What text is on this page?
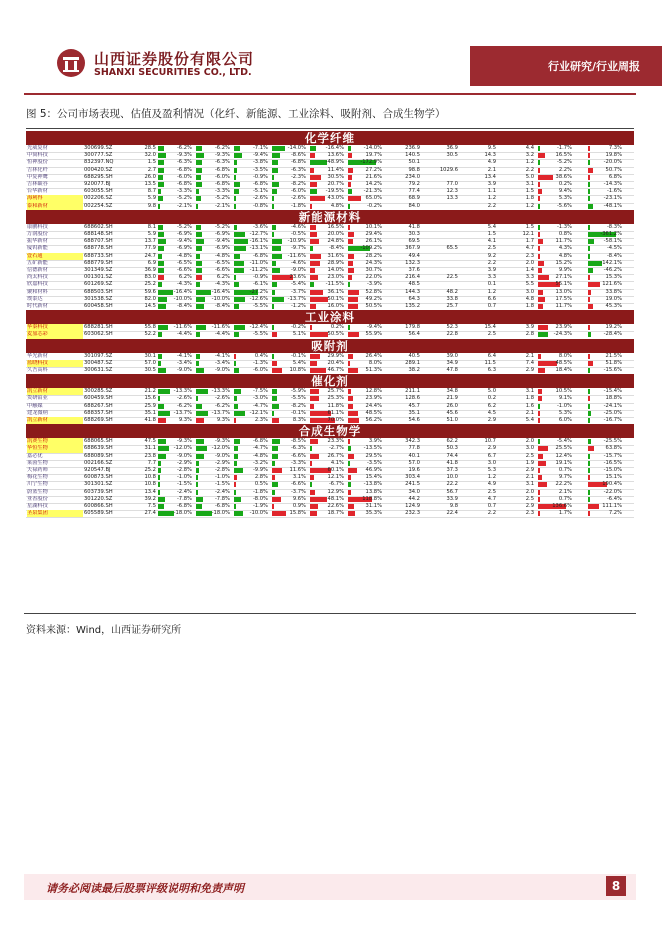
山西证券股份有限公司
SHANXI SECURITIES CO., LTD.	行业研究/行业周报
图 5：公司市场表现、估值及盈利情况（化纤、新能源、工业涂料、吸附剂、合成生物学）
化学纤维
光威复材	300699.SZ	28.5	-6.2%	-6.2%	-7.1%	-14.0%	-16.4%	-14.0%	236.9	36.9	9.5	4.4	-1.7%	7.3%
中简科技	300777.SZ	32.0	-9.3%	-9.3%	-9.4%	-8.6%	13.6%	19.7%	140.5	30.5	14.3	3.2	16.5%	19.8%
恒神股份	832397.NQ	1.5	-6.3%	-6.3%	-3.8%	-6.8%	-48.9%	-172.9%	50.1	4.9	1.2	-5.2%	-20.0%
吉林化纤	000420.SZ	2.7	-6.8%	-6.8%	-3.5%	-6.3%	11.4%	27.2%	98.8	1029.6	2.1	2.2	2.2%	50.7%
中复神鹰	688295.SH	26.0	-6.0%	-6.0%	-0.9%	-2.3%	30.5%	21.6%	234.0	13.4	5.0	38.6%	6.8%
吉林碳谷	920077.BJ	13.5	-6.8%	-6.8%	-6.8%	-8.2%	20.7%	14.2%	79.2	77.0	3.9	3.1	0.2%	-14.3%
台华新材	603055.SH	8.7	-3.3%	-3.3%	-5.1%	-6.0%	-19.5%	-21.3%	77.4	12.3	1.1	1.5	9.4%	-1.6%
海利得	002206.SZ	5.9	-5.2%	-5.2%	-2.6%	-2.6%	43.0%	65.0%	68.9	13.3	1.2	1.8	5.3%	-23.1%
泰和新材	002254.SZ	9.8	-2.1%	-2.1%	-0.8%	-1.8%	4.8%	-0.2%	84.0	2.2	1.2	-5.6%	-48.1%
新能源材料
康鹏科技	688602.SH	8.1	-5.2%	-5.2%	-3.6%	-4.6%	16.5%	10.1%	41.8	5.4	1.5	-1.3%	-8.3%
万润股份	688148.SH	5.9	-6.9%	-6.9%	-12.7%	-0.5%	20.0%	29.4%	30.3	1.5	12.1	0.8%	-361.2%
振华新材	688707.SH	13.7	-9.4%	-9.4%	-16.1%	-10.9%	24.8%	26.1%	69.5	4.1	1.7	11.7%	-58.1%
厦钨新能	688778.SH	77.9	-6.9%	-6.9%	-13.1%	-9.7%	-8.4%	-109.2%	367.9	65.5	2.5	4.7	4.3%	-4.5%
壹石通	688733.SH	24.7	-4.8%	-4.8%	-6.8%	-11.6%	31.6%	28.2%	49.4	9.2	2.3	4.8%	-8.4%
五矿新能	688779.SH	6.9	-6.5%	-6.5%	-11.0%	-4.6%	28.9%	24.3%	132.3	2.2	2.0	15.2%	-142.1%
信德新材	301349.SZ	36.9	-6.6%	-6.6%	-11.2%	-9.0%	14.0%	30.7%	37.6	3.9	1.4	9.9%	-46.2%
尚太科技	001301.SZ	83.0	6.2%	6.2%	-0.9%	23.6%	23.0%	22.0%	216.4	22.5	3.3	3.3	27.1%	15.3%
欣嘉科技	601269.SZ	25.2	-4.3%	-4.3%	-6.1%	-5.4%	-11.5%	-3.9%	48.5	0.1	5.5	55.1%	121.6%
聚和材料	688503.SH	59.6	-16.4%	-16.4%	-27.2%	-3.7%	36.1%	52.8%	144.3	48.2	1.2	3.0	13.0%	33.8%
璞泰达	301538.SZ	82.0	-10.0%	-10.0%	-12.6%	-13.7%	50.1%	49.2%	64.3	33.8	6.6	4.8	17.5%	19.0%
时代新材	600458.SH	14.5	-8.4%	-8.4%	-5.5%	-1.2%	16.0%	50.5%	135.2	25.7	0.7	1.8	11.7%	45.3%
工业涂料
华秦科技	688281.SH	55.8	-11.6%	-11.6%	-12.4%	-0.2%	0.2%	-9.4%	179.8	52.3	15.4	3.9	23.9%	19.2%
麦加芯彩	603062.SH	52.2	-4.4%	-4.4%	-5.5%	5.1%	50.5%	55.9%	56.4	22.8	2.5	2.8	-24.3%	-28.4%
吸附剂
华光新材	301097.SZ	30.1	-4.1%	-4.1%	0.4%	-0.1%	29.9%	26.4%	40.5	39.0	6.4	2.1	8.0%	21.5%
蓝晓科技	300487.SZ	57.0	-3.4%	-3.4%	-1.3%	5.4%	20.4%	8.0%	289.1	34.9	11.5	7.4	48.5%	51.8%
久吾高科	300631.SZ	30.5	-9.0%	-9.0%	-6.0%	10.8%	46.7%	51.3%	38.2	47.8	6.3	2.9	18.4%	-15.6%
催化剂
凯立新材	300285.SZ	21.2	-13.3%	-13.3%	-7.5%	-5.9%	25.7%	12.8%	211.1	34.8	5.0	3.1	10.5%	-15.4%
贵研铂业	600459.SH	15.6	-2.6%	-2.6%	-3.0%	-5.5%	25.3%	23.9%	128.6	21.9	0.2	1.8	9.1%	18.8%
中触媒	688267.SH	25.9	-6.2%	-6.2%	-4.7%	-8.2%	11.8%	24.4%	45.7	26.0	6.2	1.6	-1.0%	-24.1%
建龙微纳	688357.SH	35.1	-13.7%	-13.7%	-12.1%	-0.1%	61.1%	48.5%	35.1	45.6	4.5	2.1	5.3%	-25.0%
凯立新材	688269.SH	41.8	9.3%	9.3%	2.3%	8.3%	70.0%	56.2%	54.6	51.0	2.9	5.4	6.0%	-16.7%
合成生物学
凯赛生物	688065.SH	47.5	-9.3%	-9.3%	-6.8%	-8.5%	23.3%	3.9%	342.3	62.2	10.7	2.0	-5.4%	-25.5%
华恒生物	688639.SH	31.1	-12.0%	-12.0%	-4.7%	-6.3%	-2.7%	-13.5%	77.8	50.3	2.9	3.0	25.5%	63.8%
嘉必优	688089.SH	23.8	-9.0%	-9.0%	-4.8%	-6.6%	26.7%	29.5%	40.1	74.4	6.7	2.5	12.4%	-15.7%
莱茵生物	002166.SZ	7.7	-2.9%	-2.9%	-3.2%	-3.3%	4.1%	-3.5%	57.0	41.8	3.0	1.9	19.1%	-16.5%
天禄药师	920547.BJ	25.2	-2.8%	-2.8%	-9.9%	11.6%	60.1%	46.9%	19.6	37.3	5.3	2.9	0.7%	-15.0%
梅花生物	600873.SH	10.8	-1.0%	-1.0%	2.8%	3.1%	12.1%	15.4%	303.4	10.0	1.2	2.1	9.7%	15.1%
川宁生物	301301.SZ	10.8	-1.5%	-1.5%	0.5%	-6.6%	-6.7%	-13.8%	241.5	22.2	4.9	3.1	22.2%	190.4%
蔚蓝生物	603739.SH	13.4	-2.4%	-2.4%	-1.8%	-3.7%	12.9%	13.8%	34.0	56.7	2.5	2.0	2.1%	-22.0%
亚香股份	301220.SZ	39.2	-7.8%	-7.8%	-8.0%	9.6%	48.1%	118.8%	44.2	33.9	4.7	2.5	0.7%	-6.4%
星湖科技	600866.SH	7.5	-6.8%	-6.8%	-1.9%	0.9%	22.6%	31.1%	124.9	9.8	0.7	2.9	136.6%	111.1%
圣泉集团	605589.SH	27.4	-18.0%	-18.0%	-10.0%	15.8%	18.7%	35.3%	232.3	22.4	2.2	2.3	1.7%	7.2%
资料来源：Wind，山西证券研究所
请务必阅读最后股票评级说明和免责声明	8
